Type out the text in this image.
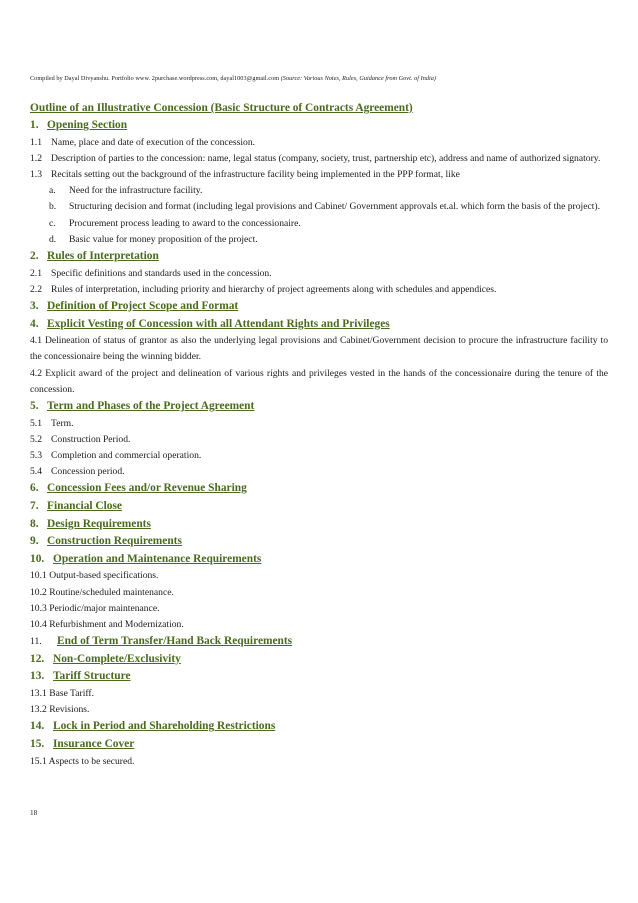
Compiled by Dayal Divyanshu. Portfolio www. 2purchase.wordpress.com, dayal1003@gmail.com (Source: Various Notes, Rules, Guidance from Govt. of India)
Outline of an Illustrative Concession (Basic Structure of Contracts Agreement)
1. Opening Section
1.1 Name, place and date of execution of the concession.
1.2 Description of parties to the concession: name, legal status (company, society, trust, partnership etc), address and name of authorized signatory.
1.3 Recitals setting out the background of the infrastructure facility being implemented in the PPP format, like
a.	Need for the infrastructure facility.
b.	Structuring decision and format (including legal provisions and Cabinet/ Government approvals et.al. which form the basis of the project).
c.	Procurement process leading to award to the concessionaire.
d.	Basic value for money proposition of the project.
2. Rules of Interpretation
2.1 Specific definitions and standards used in the concession.
2.2 Rules of interpretation, including priority and hierarchy of project agreements along with schedules and appendices.
3. Definition of Project Scope and Format
4. Explicit Vesting of Concession with all Attendant Rights and Privileges
4.1 Delineation of status of grantor as also the underlying legal provisions and Cabinet/Government decision to procure the infrastructure facility to the concessionaire being the winning bidder.
4.2 Explicit award of the project and delineation of various rights and privileges vested in the hands of the concessionaire during the tenure of the concession.
5. Term and Phases of the Project Agreement
5.1 Term.
5.2 Construction Period.
5.3 Completion and commercial operation.
5.4 Concession period.
6. Concession Fees and/or Revenue Sharing
7. Financial Close
8. Design Requirements
9. Construction Requirements
10. Operation and Maintenance Requirements
10.1 Output-based specifications.
10.2 Routine/scheduled maintenance.
10.3 Periodic/major maintenance.
10.4 Refurbishment and Modernization.
11.	End of Term Transfer/Hand Back Requirements
12. Non-Complete/Exclusivity
13. Tariff Structure
13.1 Base Tariff.
13.2 Revisions.
14. Lock in Period and Shareholding Restrictions
15. Insurance Cover
15.1 Aspects to be secured.
18
